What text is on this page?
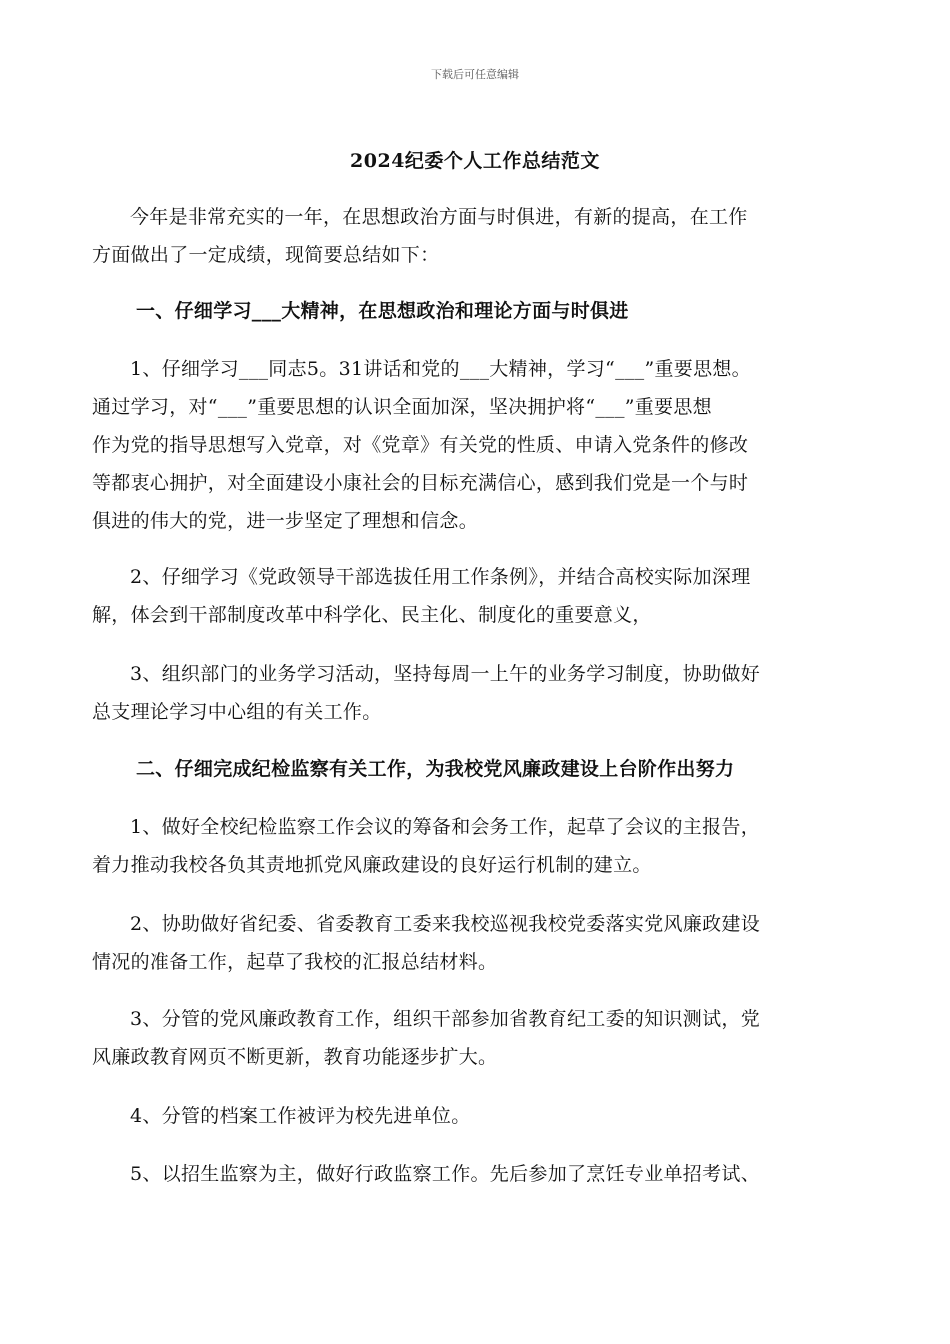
下载后可任意编辑
2024纪委个人工作总结范文

今年是非常充实的一年，在思想政治方面与时俱进，有新的提高，在工作

方面做出了一定成绩，现简要总结如下：

一、仔细学习___大精神，在思想政治和理论方面与时俱进

1、仔细学习___同志5。31讲话和党的___大精神，学习“___”重要思想。

通过学习，对“___”重要思想的认识全面加深，坚决拥护将“___”重要思想

作为党的指导思想写入党章，对《党章》有关党的性质、申请入党条件的修改

等都衷心拥护，对全面建设小康社会的目标充满信心，感到我们党是一个与时

俱进的伟大的党，进一步坚定了理想和信念。

2、仔细学习《党政领导干部选拔任用工作条例》，并结合高校实际加深理

解，体会到干部制度改革中科学化、民主化、制度化的重要意义，

3、组织部门的业务学习活动，坚持每周一上午的业务学习制度，协助做好

总支理论学习中心组的有关工作。

二、仔细完成纪检监察有关工作，为我校党风廉政建设上台阶作出努力

1、做好全校纪检监察工作会议的筹备和会务工作，起草了会议的主报告，

着力推动我校各负其责地抓党风廉政建设的良好运行机制的建立。

2、协助做好省纪委、省委教育工委来我校巡视我校党委落实党风廉政建设

情况的准备工作，起草了我校的汇报总结材料。

3、分管的党风廉政教育工作，组织干部参加省教育纪工委的知识测试，党

风廉政教育网页不断更新，教育功能逐步扩大。

4、分管的档案工作被评为校先进单位。

5、以招生监察为主，做好行政监察工作。先后参加了烹饪专业单招考试、
